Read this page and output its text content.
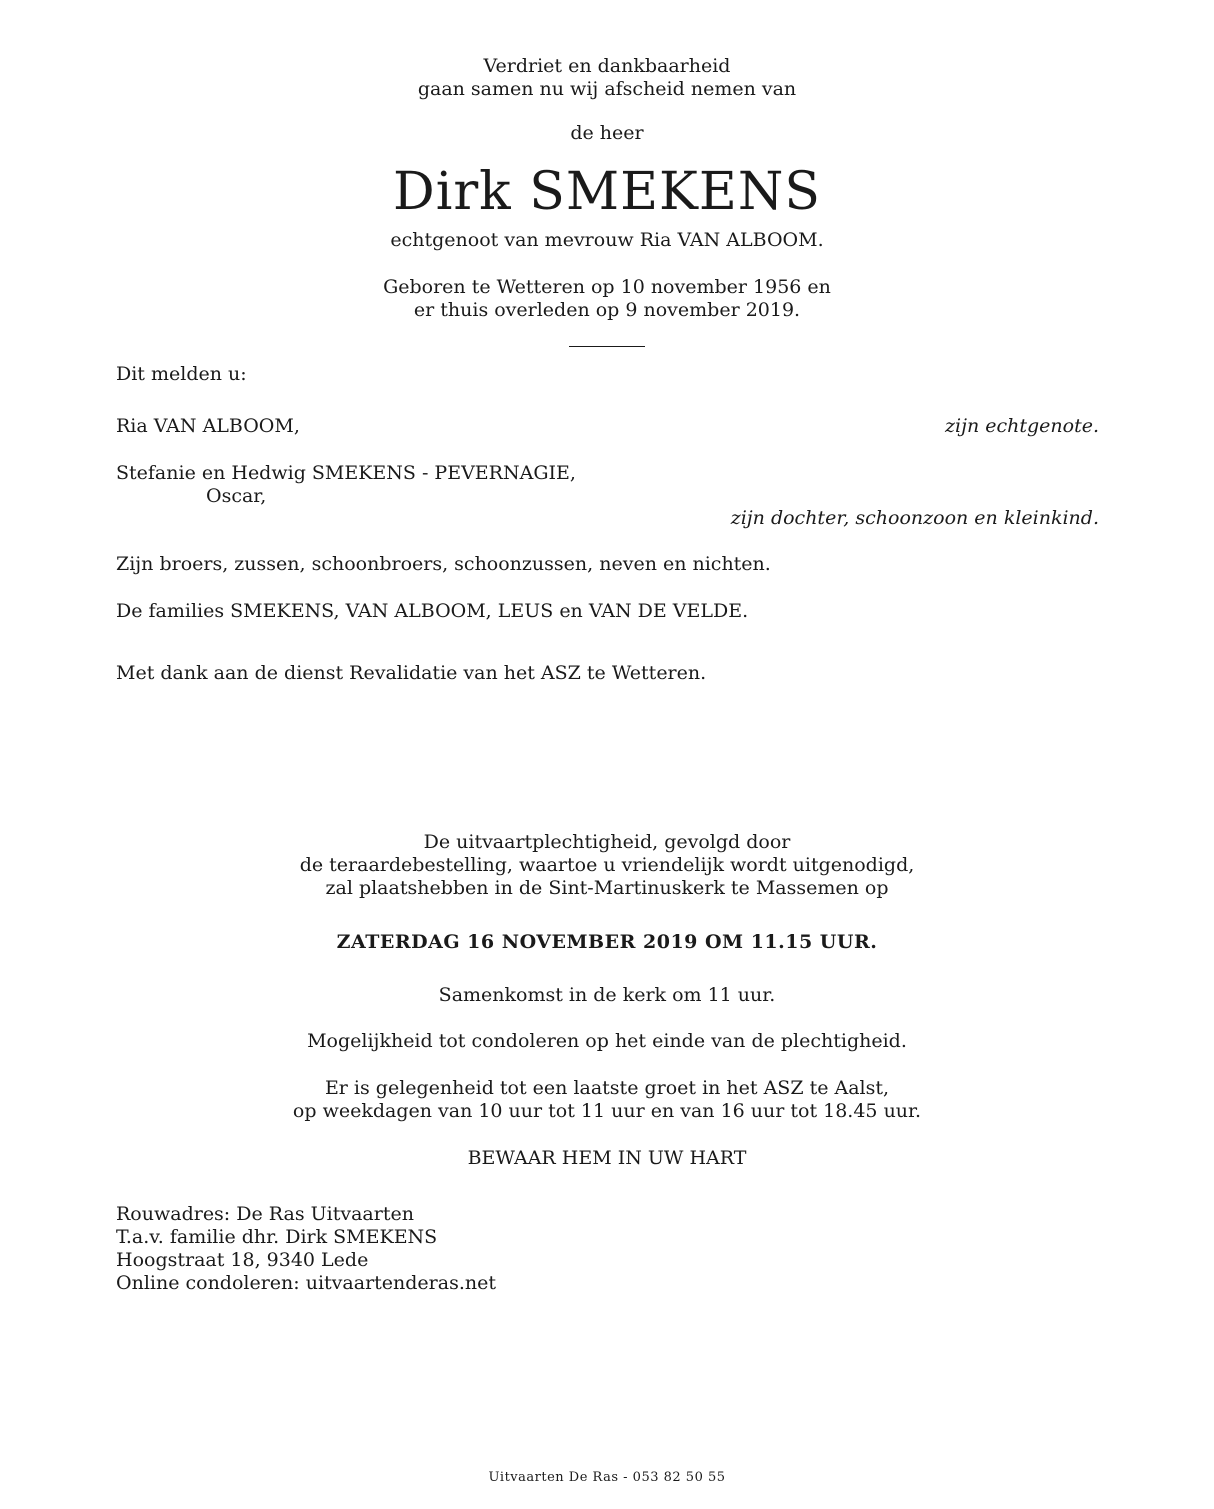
Verdriet en dankbaarheid
gaan samen nu wij afscheid nemen van
de heer
Dirk SMEKENS
echtgenoot van mevrouw Ria VAN ALBOOM.
Geboren te Wetteren op 10 november 1956 en
er thuis overleden op 9 november 2019.
Dit melden u:
Ria VAN ALBOOM,	zijn echtgenote.
Stefanie en Hedwig SMEKENS - PEVERNAGIE,
Oscar,
zijn dochter, schoonzoon en kleinkind.
Zijn broers, zussen, schoonbroers, schoonzussen, neven en nichten.
De families SMEKENS, VAN ALBOOM, LEUS en VAN DE VELDE.
Met dank aan de dienst Revalidatie van het ASZ te Wetteren.
De uitvaartplechtigheid, gevolgd door
de teraardebestelling, waartoe u vriendelijk wordt uitgenodigd,
zal plaatshebben in de Sint-Martinuskerk te Massemen op
ZATERDAG 16 NOVEMBER 2019 OM 11.15 UUR.
Samenkomst in de kerk om 11 uur.
Mogelijkheid tot condoleren op het einde van de plechtigheid.
Er is gelegenheid tot een laatste groet in het ASZ te Aalst,
op weekdagen van 10 uur tot 11 uur en van 16 uur tot 18.45 uur.
BEWAAR HEM IN UW HART
Rouwadres: De Ras Uitvaarten
T.a.v. familie dhr. Dirk SMEKENS
Hoogstraat 18, 9340 Lede
Online condoleren: uitvaartenderas.net
Uitvaarten De Ras - 053 82 50 55
